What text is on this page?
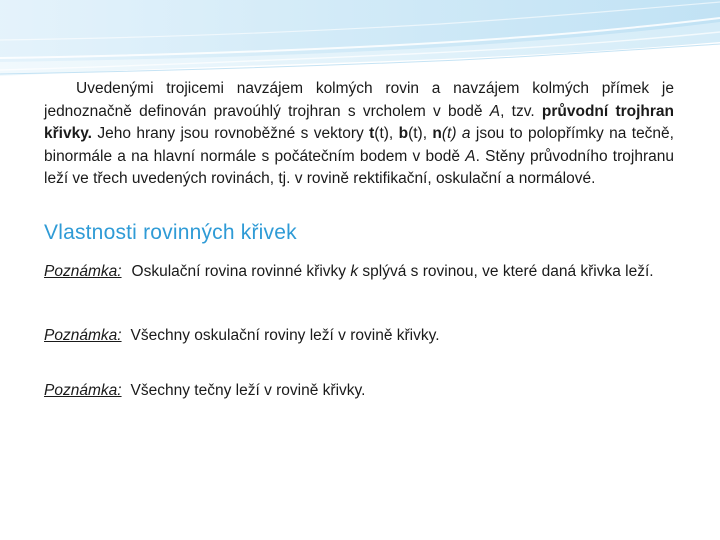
Uvedenými trojicemi navzájem kolmých rovin a navzájem kolmých přímek je jednoznačně definován pravoúhlý trojhran s vrcholem v bodě A, tzv. průvodní trojhran křivky. Jeho hrany jsou rovnoběžné s vektory t(t), b(t), n(t) a jsou to polopřímky na tečně, binormále a na hlavní normále s počátečním bodem v bodě A. Stěny průvodního trojhranu leží ve třech uvedených rovinách, tj. v rovině rektifikační, oskulační a normálové.

Vlastnosti rovinných křivek

Poznámka: Oskulační rovina rovinné křivky k splývá s rovinou, ve které daná křivka leží.

Poznámka: Všechny oskulační roviny leží v rovině křivky.

Poznámka: Všechny tečny leží v rovině křivky.
